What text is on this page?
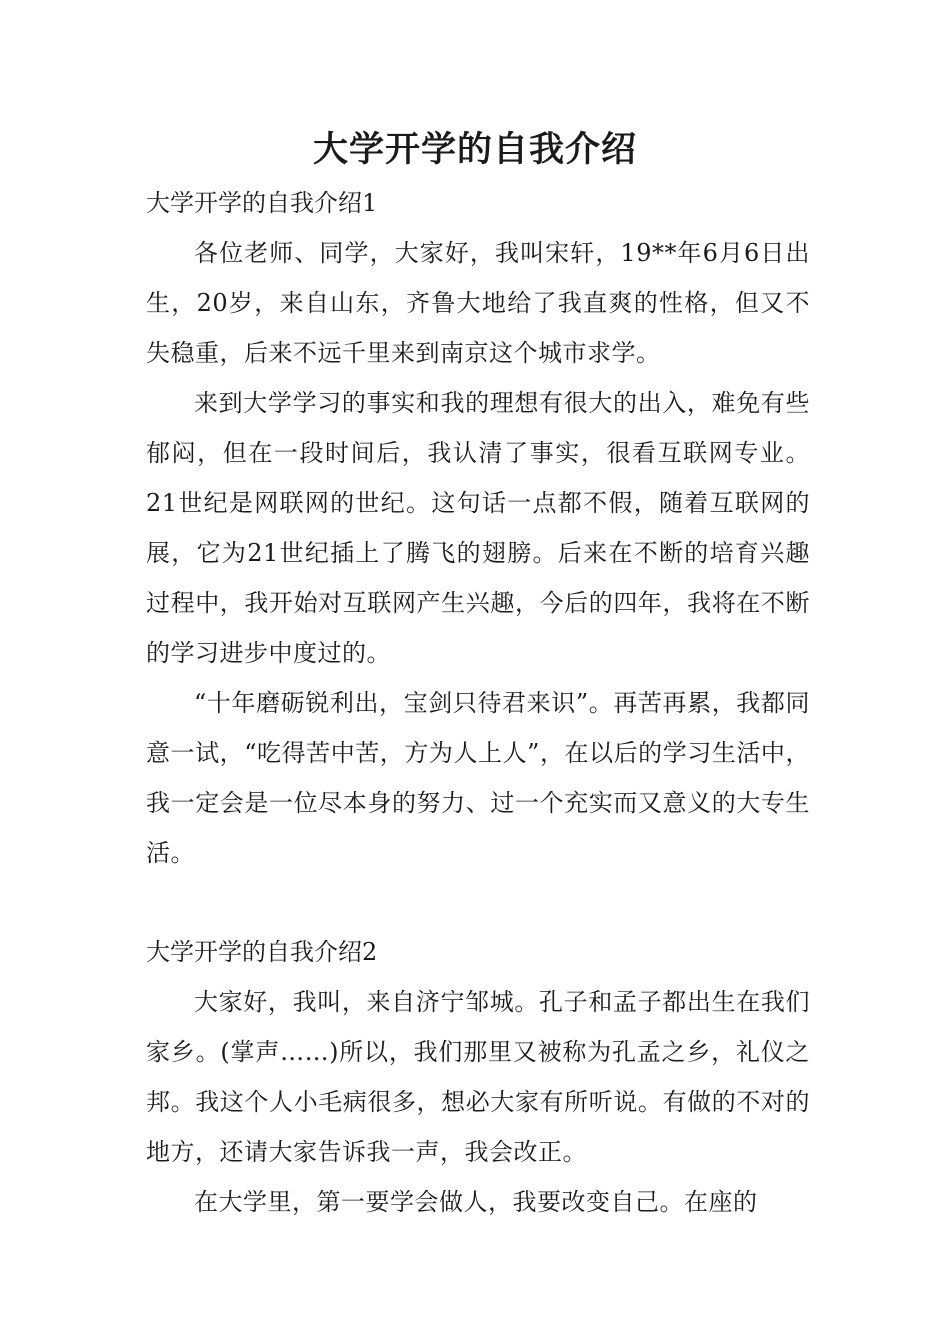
大学开学的自我介绍

大学开学的自我介绍1

各位老师、同学，大家好，我叫宋轩，19**年6月6日出生，20岁，来自山东，齐鲁大地给了我直爽的性格，但又不失稳重，后来不远千里来到南京这个城市求学。

来到大学学习的事实和我的理想有很大的出入，难免有些郁闷，但在一段时间后，我认清了事实，很看互联网专业。21世纪是网联网的世纪。这句话一点都不假，随着互联网的展，它为21世纪插上了腾飞的翅膀。后来在不断的培育兴趣过程中，我开始对互联网产生兴趣，今后的四年，我将在不断的学习进步中度过的。

“十年磨砺锐利出，宝剑只待君来识”。再苦再累，我都同意一试，“吃得苦中苦，方为人上人”，在以后的学习生活中，我一定会是一位尽本身的努力、过一个充实而又意义的大专生活。

大学开学的自我介绍2

大家好，我叫，来自济宁邹城。孔子和孟子都出生在我们家乡。(掌声……)所以，我们那里又被称为孔孟之乡，礼仪之邦。我这个人小毛病很多，想必大家有所听说。有做的不对的地方，还请大家告诉我一声，我会改正。

在大学里，第一要学会做人，我要改变自己。在座的
